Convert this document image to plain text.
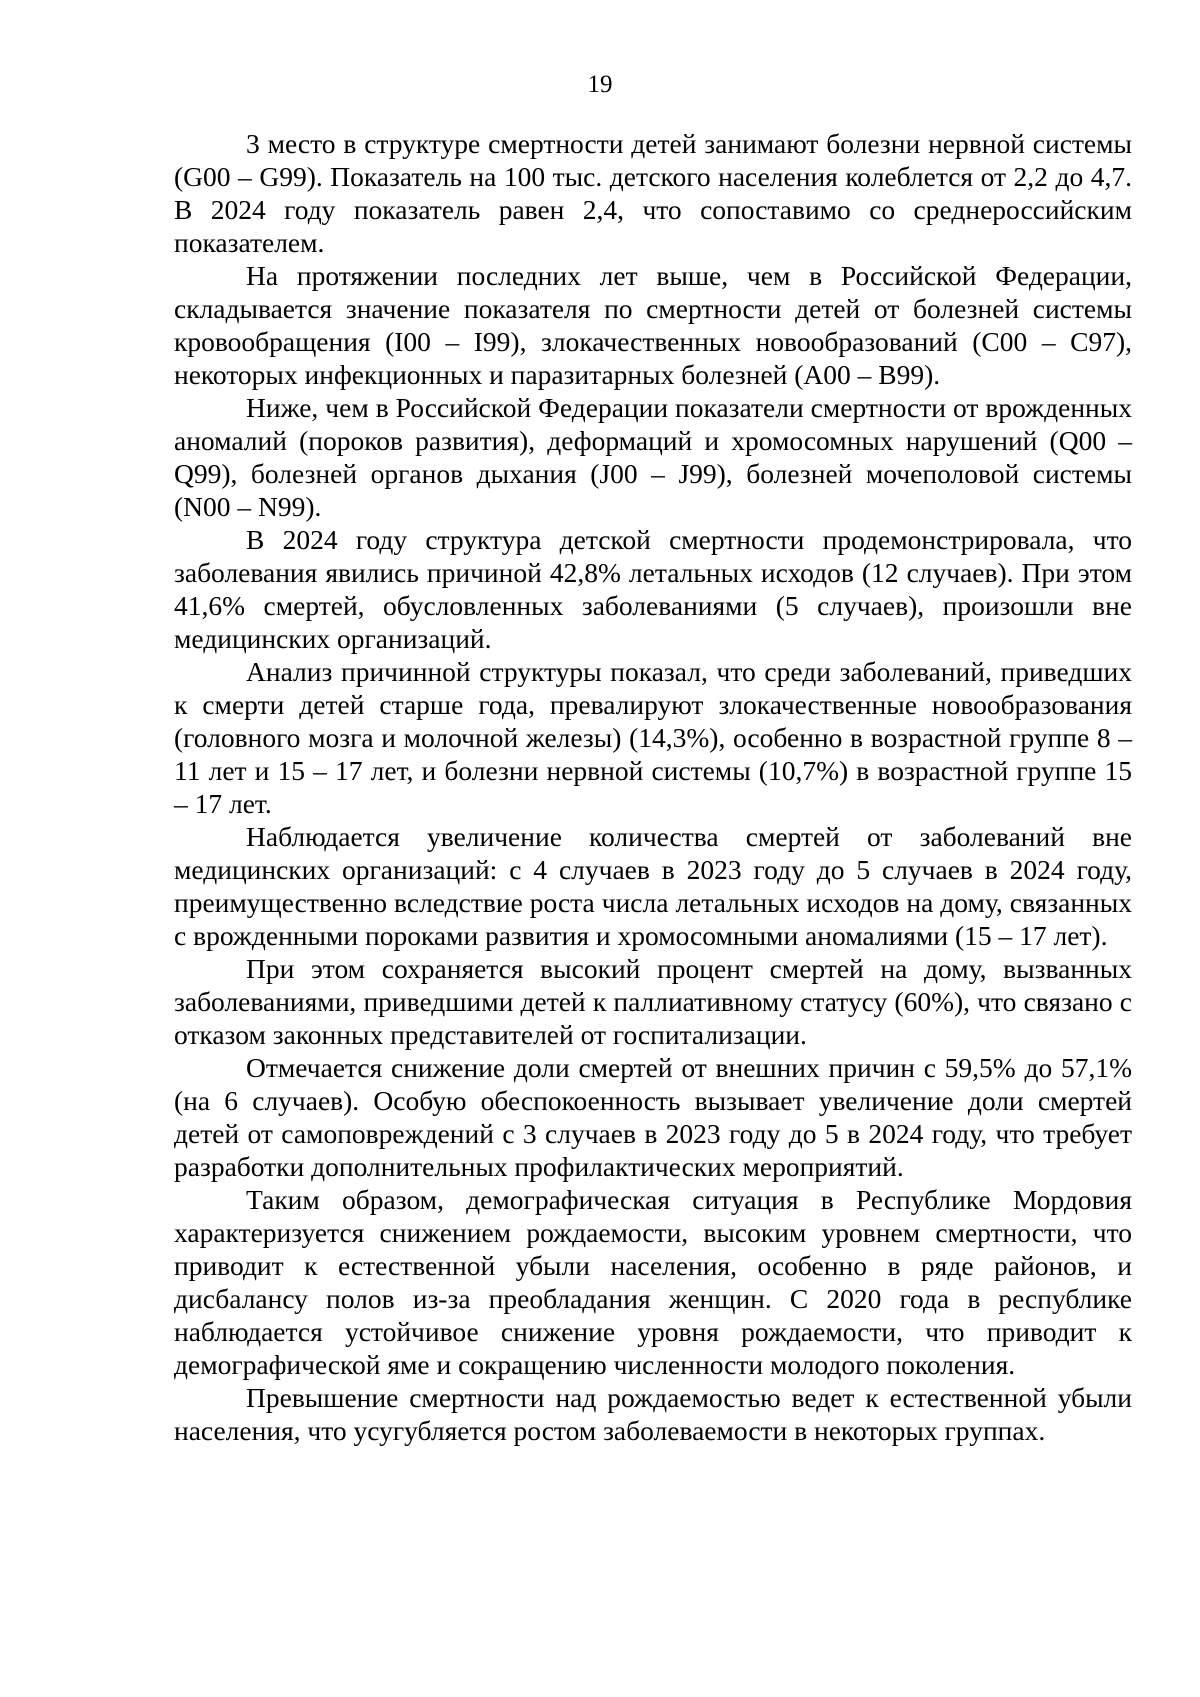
19

3 место в структуре смертности детей занимают болезни нервной системы (G00 – G99). Показатель на 100 тыс. детского населения колеблется от 2,2 до 4,7. В 2024 году показатель равен 2,4, что сопоставимо со среднероссийским показателем.

На протяжении последних лет выше, чем в Российской Федерации, складывается значение показателя по смертности детей от болезней системы кровообращения (I00 – I99), злокачественных новообразований (C00 – C97), некоторых инфекционных и паразитарных болезней (A00 – B99).

Ниже, чем в Российской Федерации показатели смертности от врожденных аномалий (пороков развития), деформаций и хромосомных нарушений (Q00 – Q99), болезней органов дыхания (J00 – J99), болезней мочеполовой системы (N00 – N99).

В 2024 году структура детской смертности продемонстрировала, что заболевания явились причиной 42,8% летальных исходов (12 случаев). При этом 41,6% смертей, обусловленных заболеваниями (5 случаев), произошли вне медицинских организаций.

Анализ причинной структуры показал, что среди заболеваний, приведших к смерти детей старше года, превалируют злокачественные новообразования (головного мозга и молочной железы) (14,3%), особенно в возрастной группе 8 – 11 лет и 15 – 17 лет, и болезни нервной системы (10,7%) в возрастной группе 15 – 17 лет.

Наблюдается увеличение количества смертей от заболеваний вне медицинских организаций: с 4 случаев в 2023 году до 5 случаев в 2024 году, преимущественно вследствие роста числа летальных исходов на дому, связанных с врожденными пороками развития и хромосомными аномалиями (15 – 17 лет).

При этом сохраняется высокий процент смертей на дому, вызванных заболеваниями, приведшими детей к паллиативному статусу (60%), что связано с отказом законных представителей от госпитализации.

Отмечается снижение доли смертей от внешних причин с 59,5% до 57,1% (на 6 случаев). Особую обеспокоенность вызывает увеличение доли смертей детей от самоповреждений с 3 случаев в 2023 году до 5 в 2024 году, что требует разработки дополнительных профилактических мероприятий.

Таким образом, демографическая ситуация в Республике Мордовия характеризуется снижением рождаемости, высоким уровнем смертности, что приводит к естественной убыли населения, особенно в ряде районов, и дисбалансу полов из-за преобладания женщин. С 2020 года в республике наблюдается устойчивое снижение уровня рождаемости, что приводит к демографической яме и сокращению численности молодого поколения.

Превышение смертности над рождаемостью ведет к естественной убыли населения, что усугубляется ростом заболеваемости в некоторых группах.
